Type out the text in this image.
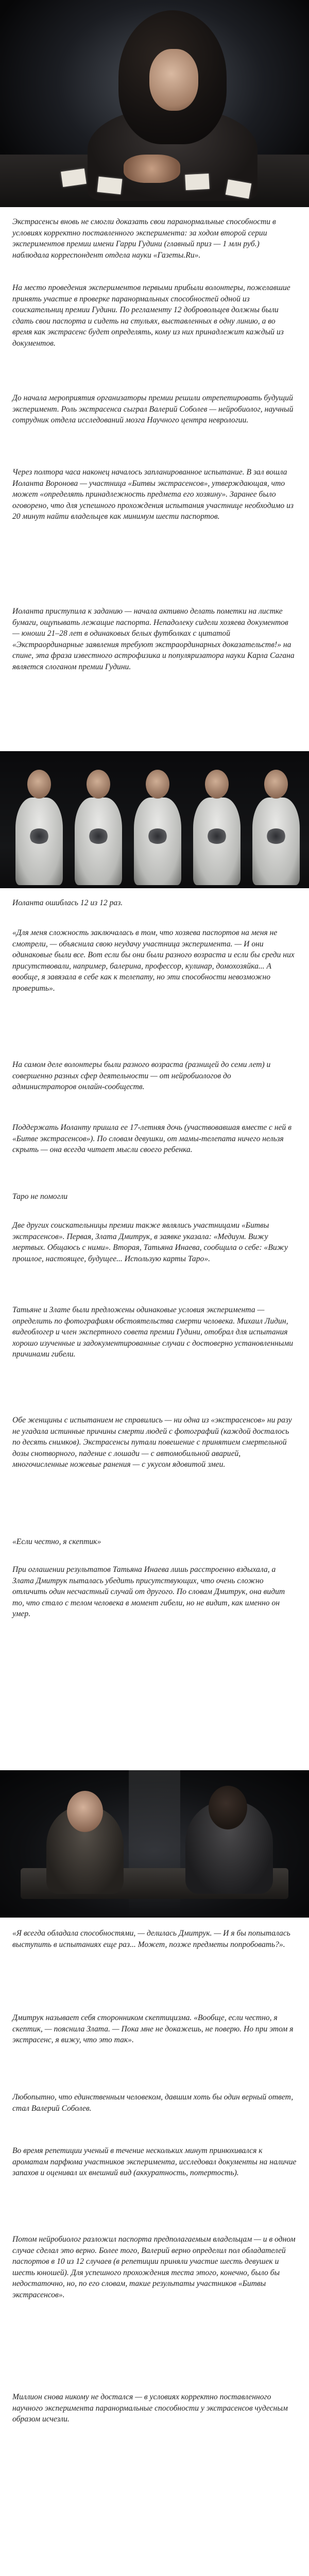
Экстрасенсы вновь не смогли доказать свои паранормальные способности в условиях корректно поставленного эксперимента: за ходом второй серии экспериментов премии имени Гарри Гудини (главный приз — 1 млн руб.) наблюдала корреспондент отдела науки «Газеты.Ru».

На место проведения экспериментов первыми прибыли волонтеры, пожелавшие принять участие в проверке паранормальных способностей одной из соискательниц премии Гудини. По регламенту 12 добровольцев должны были сдать свои паспорта и сидеть на стульях, выставленных в одну линию, а во время как экстрасенс будет определять, кому из них принадлежит каждый из документов.

До начала мероприятия организаторы премии решили отрепетировать будущий эксперимент. Роль экстрасенса сыграл Валерий Соболев — нейробиолог, научный сотрудник отдела исследований мозга Научного центра неврологии.

Через полтора часа наконец началось запланированное испытание. В зал вошла Иоланта Воронова — участница «Битвы экстрасенсов», утверждающая, что может «определять принадлежность предмета его хозяину». Заранее было оговорено, что для успешного прохождения испытания участнице необходимо из 20 минут найти владельцев как минимум шести паспортов.

Иоланта приступила к заданию — начала активно делать пометки на листке бумаги, ощупывать лежащие паспорта. Непадолеку сидели хозяева документов — юноши 21–28 лет в одинаковых белых футболках с цитатой «Экстраординарные заявления требуют экстраординарных доказательств!» на спине, эта фраза известного астрофизика и популяризатора науки Карла Сагана является слоганом премии Гудини.

Иоланта ошиблась 12 из 12 раз.

«Для меня сложность заключалась в том, что хозяева паспортов на меня не смотрели, — объяснила свою неудачу участница эксперимента. — И они одинаковые были все. Вот если бы они были разного возраста и если бы среди них присутствовали, например, балерина, профессор, кулинар, домохозяйка... А вообще, я завязала в себе как к телепату, но эти способности невозможно проверить».

На самом деле волонтеры были разного возраста (разницей до семи лет) и совершенно разных сфер деятельности — от нейробиологов до администраторов онлайн-сообществ.

Поддержать Иоланту пришла ее 17-летняя дочь (участвовавшая вместе с ней в «Битве экстрасенсов»). По словам девушки, от мамы-телепата ничего нельзя скрыть — она всегда читает мысли своего ребенка.

Таро не помогли

Две других соискательницы премии также являлись участницами «Битвы экстрасенсов». Первая, Злата Дмитрук, в заявке указала: «Медиум. Вижу мертвых. Общаюсь с ними». Вторая, Татьяна Инаева, сообщила о себе: «Вижу прошлое, настоящее, будущее... Использую карты Таро».

Татьяне и Злате были предложены одинаковые условия эксперимента — определить по фотографиям обстоятельства смерти человека. Михаил Лидин, видеоблогер и член экспертного совета премии Гудини, отобрал для испытания хорошо изученные и задокументированные случаи с достоверно установленными причинами гибели.

Обе женщины с испытанием не справились — ни одна из «экстрасенсов» ни разу не угадала истинные причины смерти людей с фотографий (каждой досталось по десять снимков). Экстрасенсы путали повешение с принятием смертельной дозы снотворного, падение с лошади — с автомобильной аварией, многочисленные ножевые ранения — с укусом ядовитой змеи.

«Если честно, я скептик»

При оглашении результатов Татьяна Инаева лишь расстроенно вздыхала, а Злата Дмитрук пыталась убедить присутствующих, что очень сложно отличить один несчастный случай от другого. По словам Дмитрук, она видит то, что стало с телом человека в момент гибели, но не видит, как именно он умер.

«Я всегда обладала способностями, — делилась Дмитрук. — И я бы попыталась выступить в испытаниях еще раз... Может, позже предметы попробовать?».

Дмитрук называет себя сторонником скептицизма. «Вообще, если честно, я скептик, — пояснила Злата. — Пока мне не докажешь, не поверю. Но при этом я экстрасенс, я вижу, что это так».

Любопытно, что единственным человеком, давшим хоть бы один верный ответ, стал Валерий Соболев.

Во время репетиции ученый в течение нескольких минут принюхивался к ароматам парфюма участников эксперимента, исследовал документы на наличие запахов и оценивал их внешний вид (аккуратность, потертость).

Потом нейробиолог разложил паспорта предполагаемым владельцам — и в одном случае сделал это верно. Более того, Валерий верно определил пол обладателей паспортов в 10 из 12 случаев (в репетиции приняли участие шесть девушек и шесть юношей). Для успешного прохождения теста этого, конечно, было бы недостаточно, но, по его словам, такие результаты участников «Битвы экстрасенсов».

Миллион снова никому не достался — в условиях корректно поставленного научного эксперимента паранормальные способности у экстрасенсов чудесным образом исчезли.
